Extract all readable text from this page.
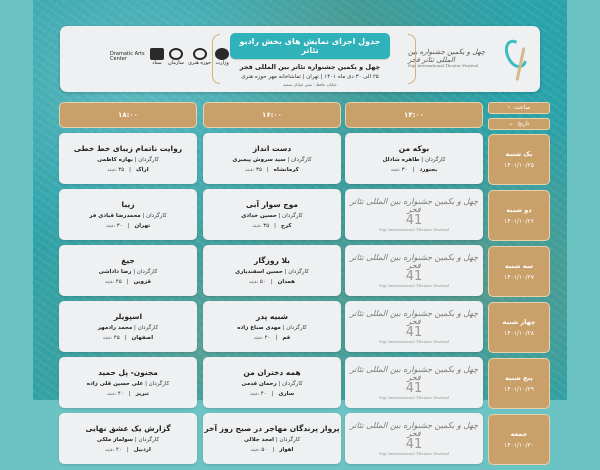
چهل و یکمین جشنواره بین المللی تئاتر فجر
Fajr International Theater Festival
جدول اجرای نمایش های بخش رادیو تئاتر
چهل و یکمین جشنواره تئاتر بین المللی فجر
۲۵ الی ۳۰ دی ماه ۱۴۰۱ | تهران | تماشاخانه مهر حوزه هنری
خیابان حافظ - نبش خیابان سمیه
Dramatic Arts Center
ستاد	سازمان حوزه هنری وزارت
ساعت
‹
تاریخ
⌄
یک شنبه
۱۴۰۱/۱۰/۲۵
دو شنبه
۱۴۰۱/۱۰/۲۶
سه شنبه
۱۴۰۱/۱۰/۲۷
چهار شنبه
۱۴۰۱/۱۰/۲۸
پنج شنبه
۱۴۰۱/۱۰/۲۹
جمعه
۱۴۰۱/۱۰/۳۰
۱۴:۰۰
بوکه من
کارگردان | طاهره شادلل
بجنورد|۳۰ دقیقه
چهل و یکمین جشنواره بین المللی تئاتر فجر
41
Fajr International Theater Festival
چهل و یکمین جشنواره بین المللی تئاتر فجر
41
Fajr International Theater Festival
چهل و یکمین جشنواره بین المللی تئاتر فجر
41
Fajr International Theater Festival
چهل و یکمین جشنواره بین المللی تئاتر فجر
41
Fajr International Theater Festival
چهل و یکمین جشنواره بین المللی تئاتر فجر
41
Fajr International Theater Festival
۱۶:۰۰
دست انداز
کارگردان | سید سروش پیمبری
کرمانشاه|۳۵ دقیقه
موج سوار آبی
کارگردان | حسین خدادی
کرج|۳۵ دقیقه
بلا روزگار
کارگردان | حسین اسفندیاری
همدان|۵۰ دقیقه
شبیه پدر
کارگردان | مهدی صباغ زاده
قم|۴۰ دقیقه
همه دختران من
کارگردان | رحمان قدمی
ساری|۴۰ دقیقه
پرواز پرندگان مهاجر در صبح روز آخر
کارگردان | امجد جلالی
اهواز|۵۰ دقیقه
۱۸:۰۰
روایت ناتمام زیبای خط خطی
کارگردان | بهاره کاظمی
اراک|۳۵ دقیقه
زیبا
کارگردان | محمدرضا قبادی فر
تهران|۳۰ دقیقه
جیغ
کارگردان | رضا داداشی
قزوین|۴۵ دقیقه
اسپویلر
کارگردان | محمد رادمهر
اصفهان|۴۵ دقیقه
مجنون- پل حمید
کارگردان | علی حسین قلی زاده
تبریز|۴۰ دقیقه
گزارش یک عشق نهایی
کارگردان | سولماز ملکی
اردبیل|۴۰ دقیقه
